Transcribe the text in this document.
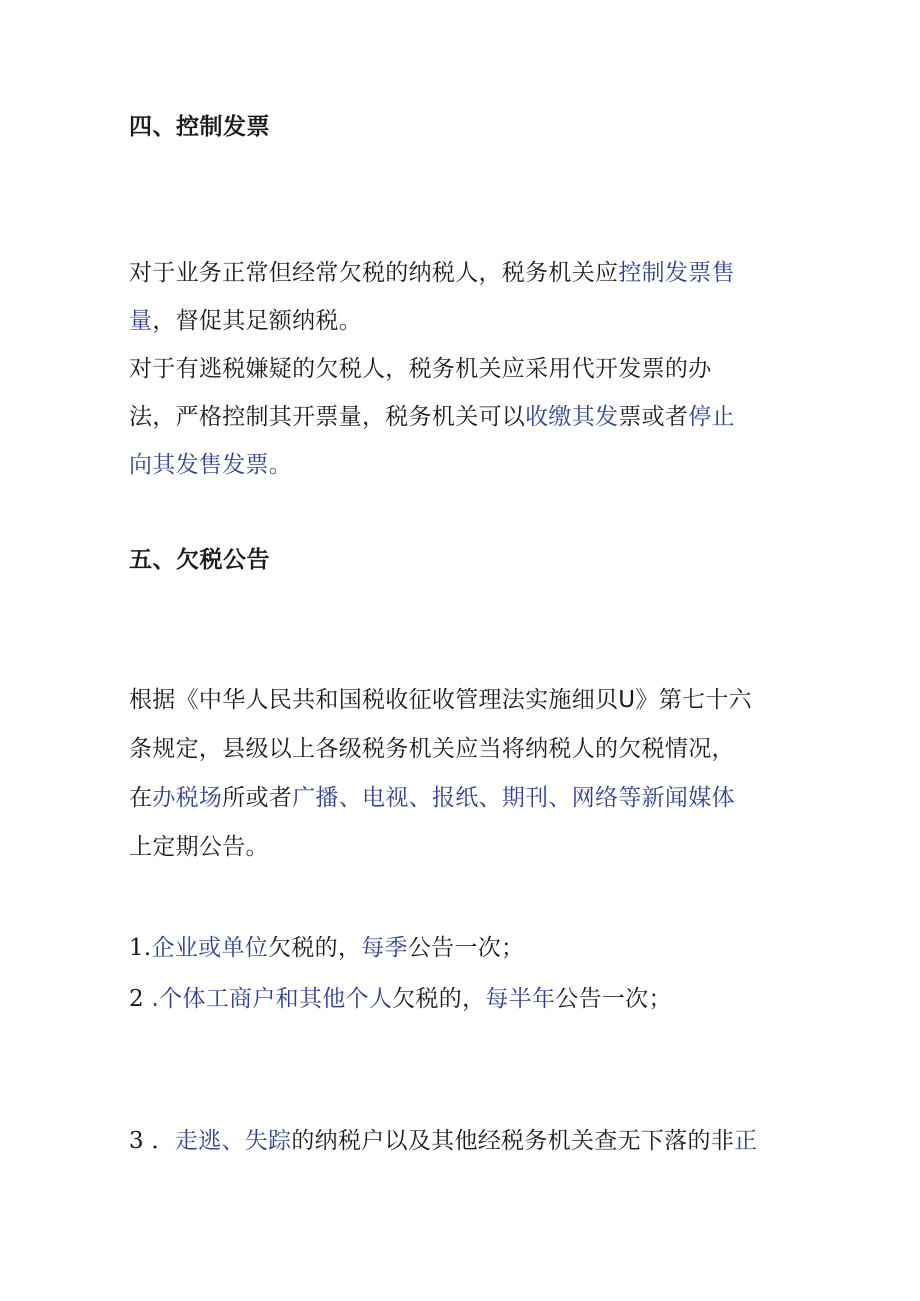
四、控制发票
对于业务正常但经常欠税的纳税人，税务机关应控制发票售
量，督促其足额纳税。
对于有逃税嫌疑的欠税人，税务机关应采用代开发票的办
法，严格控制其开票量，税务机关可以收缴其发票或者停止
向其发售发票。
五、欠税公告
根据《中华人民共和国税收征收管理法实施细贝U》第七十六
条规定，县级以上各级税务机关应当将纳税人的欠税情况，
在办税场所或者广播、电视、报纸、期刊、网络等新闻媒体
上定期公告。
1.企业或单位欠税的，每季公告一次；
2 .个体工商户和其他个人欠税的，每半年公告一次；
3 ．走逃、失踪的纳税户以及其他经税务机关查无下落的非正
